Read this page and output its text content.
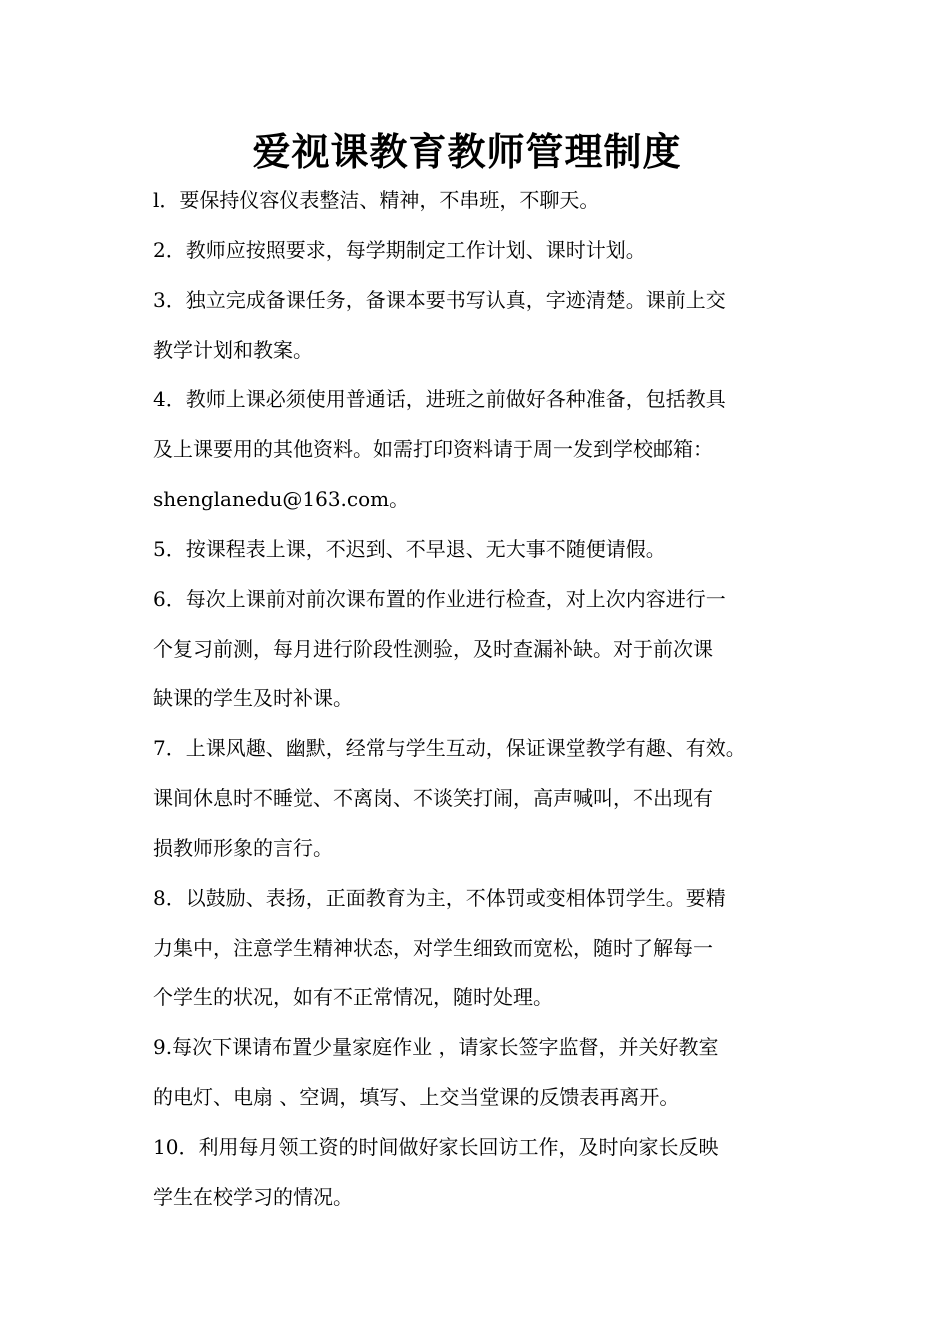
爱视课教育教师管理制度
l．要保持仪容仪表整洁、精神，不串班，不聊天。
2．教师应按照要求，每学期制定工作计划、课时计划。
3．独立完成备课任务，备课本要书写认真，字迹清楚。课前上交
教学计划和教案。
4．教师上课必须使用普通话，进班之前做好各种准备，包括教具
及上课要用的其他资料。如需打印资料请于周一发到学校邮箱：
shenglanedu@163.com。
5．按课程表上课，不迟到、不早退、无大事不随便请假。
6．每次上课前对前次课布置的作业进行检查，对上次内容进行一
个复习前测，每月进行阶段性测验，及时查漏补缺。对于前次课
缺课的学生及时补课。
7．上课风趣、幽默，经常与学生互动，保证课堂教学有趣、有效。
课间休息时不睡觉、不离岗、不谈笑打闹，高声喊叫，不出现有
损教师形象的言行。
8．以鼓励、表扬，正面教育为主，不体罚或变相体罚学生。要精
力集中，注意学生精神状态，对学生细致而宽松，随时了解每一
个学生的状况，如有不正常情况，随时处理。
9.每次下课请布置少量家庭作业 ，请家长签字监督，并关好教室
的电灯、电扇 、空调，填写、上交当堂课的反馈表再离开。
10．利用每月领工资的时间做好家长回访工作，及时向家长反映
学生在校学习的情况。
